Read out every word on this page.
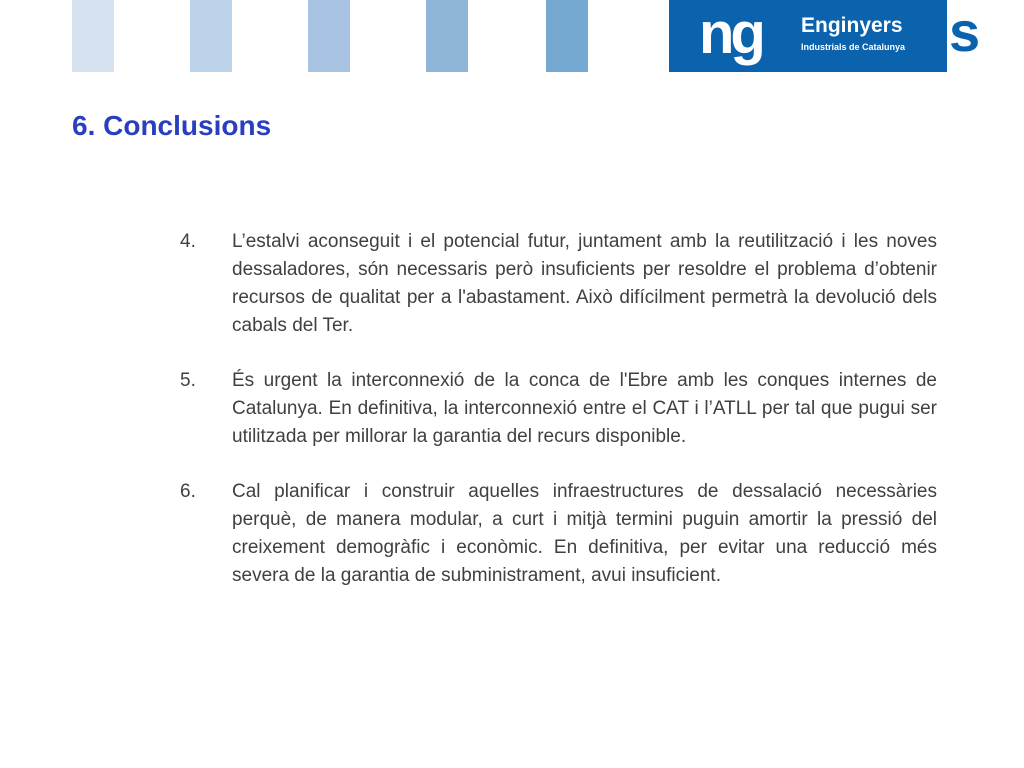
ng Enginyers
Industrials de Catalunya s
6. Conclusions
4.	L’estalvi aconseguit i el potencial futur, juntament amb la reutilització i les noves dessaladores, són necessaris però insuficients per resoldre el problema d’obtenir recursos de qualitat per a l'abastament. Això difícilment permetrà la devolució dels cabals del Ter.
5.	És urgent la interconnexió de la conca de l'Ebre amb les conques internes de Catalunya. En definitiva, la interconnexió entre el CAT i l’ATLL per tal que pugui ser utilitzada per millorar la garantia del recurs disponible.
6.	Cal planificar i construir aquelles infraestructures de dessalació necessàries perquè, de manera modular, a curt i mitjà termini puguin amortir la pressió del creixement demogràfic i econòmic. En definitiva, per evitar una reducció més severa de la garantia de subministrament, avui insuficient.
